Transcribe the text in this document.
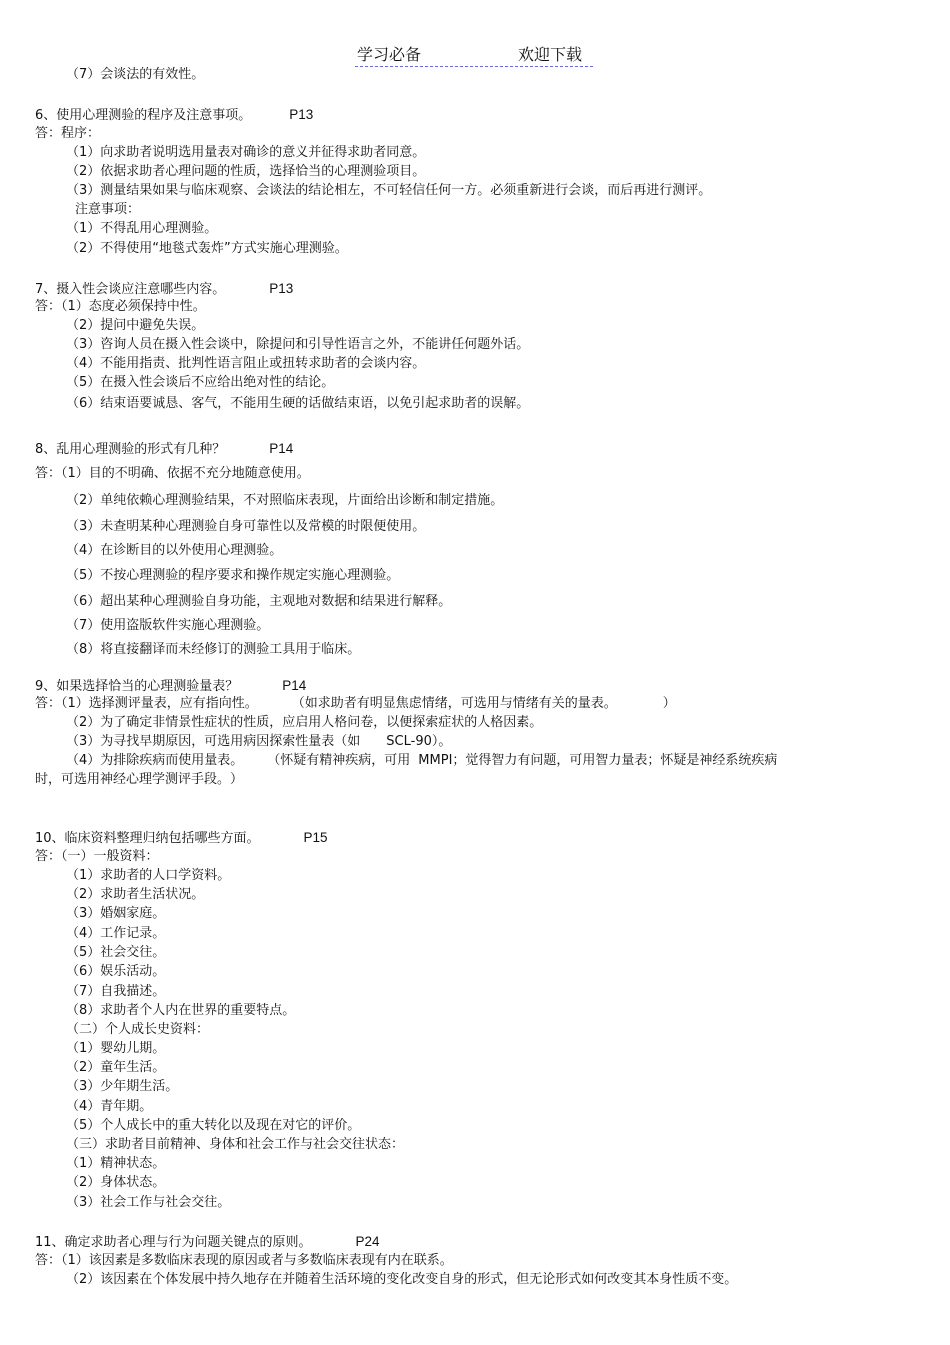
学习必备	欢迎下载
（7）会谈法的有效性。
6、使用心理测验的程序及注意事项。	P13
答：程序：
（1）向求助者说明选用量表对确诊的意义并征得求助者同意。
（2）依据求助者心理问题的性质，选择恰当的心理测验项目。
（3）测量结果如果与临床观察、会谈法的结论相左，不可轻信任何一方。必须重新进行会谈，而后再进行测评。
注意事项：
（1）不得乱用心理测验。
（2）不得使用“地毯式轰炸”方式实施心理测验。
7、摄入性会谈应注意哪些内容。	P13
答：（1）态度必须保持中性。
（2）提问中避免失误。
（3）咨询人员在摄入性会谈中，除提问和引导性语言之外，不能讲任何题外话。
（4）不能用指责、批判性语言阻止或扭转求助者的会谈内容。
（5）在摄入性会谈后不应给出绝对性的结论。
（6）结束语要诚恳、客气，不能用生硬的话做结束语，以免引起求助者的误解。
8、乱用心理测验的形式有几种？	P14
答：（1）目的不明确、依据不充分地随意使用。
（2）单纯依赖心理测验结果，不对照临床表现，片面给出诊断和制定措施。
（3）未查明某种心理测验自身可靠性以及常模的时限便使用。
（4）在诊断目的以外使用心理测验。
（5）不按心理测验的程序要求和操作规定实施心理测验。
（6）超出某种心理测验自身功能，主观地对数据和结果进行解释。
（7）使用盗版软件实施心理测验。
（8）将直接翻译而未经修订的测验工具用于临床。
9、如果选择恰当的心理测验量表？	P14
答：（1）选择测评量表，应有指向性。	（如求助者有明显焦虑情绪，可选用与情绪有关的量表。	）
（2）为了确定非情景性症状的性质，应启用人格问卷，以便探索症状的人格因素。
（3）为寻找早期原因，可选用病因探索性量表（如 SCL-90）。
（4）为排除疾病而使用量表。 （怀疑有精神疾病，可用 MMPI；觉得智力有问题，可用智力量表；怀疑是神经系统疾病
时，可选用神经心理学测评手段。）
10、临床资料整理归纳包括哪些方面。	P15
答：（一）一般资料：
（1）求助者的人口学资料。
（2）求助者生活状况。
（3）婚姻家庭。
（4）工作记录。
（5）社会交往。
（6）娱乐活动。
（7）自我描述。
（8）求助者个人内在世界的重要特点。
（二）个人成长史资料：
（1）婴幼儿期。
（2）童年生活。
（3）少年期生活。
（4）青年期。
（5）个人成长中的重大转化以及现在对它的评价。
（三）求助者目前精神、身体和社会工作与社会交往状态：
（1）精神状态。
（2）身体状态。
（3）社会工作与社会交往。
11、确定求助者心理与行为问题关键点的原则。	P24
答：（1）该因素是多数临床表现的原因或者与多数临床表现有内在联系。
（2）该因素在个体发展中持久地存在并随着生活环境的变化改变自身的形式，但无论形式如何改变其本身性质不变。
